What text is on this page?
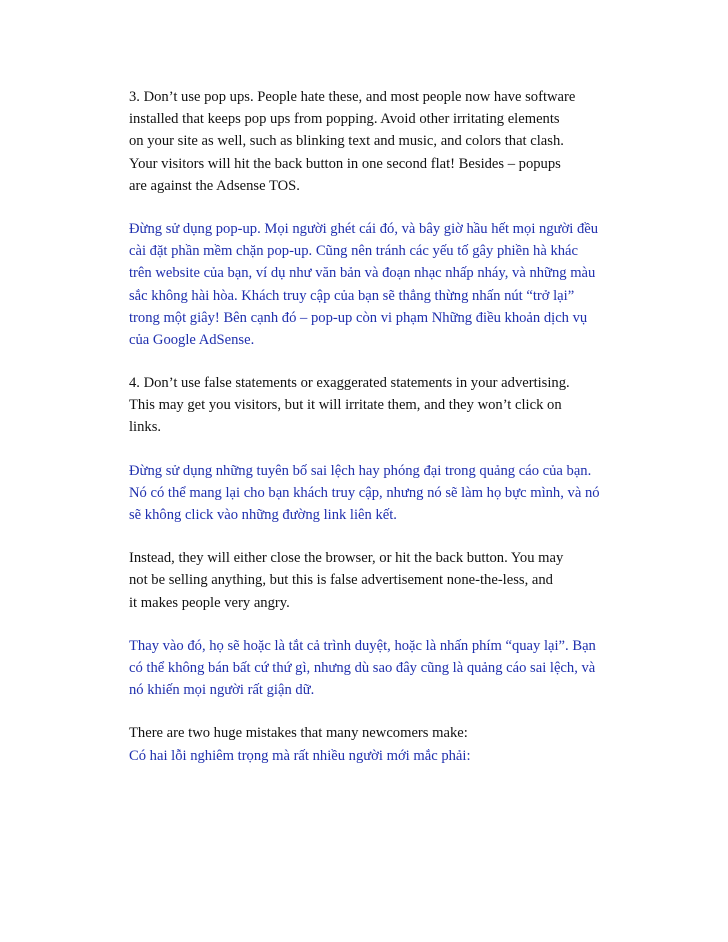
3. Don’t use pop ups. People hate these, and most people now have software
installed that keeps pop ups from popping. Avoid other irritating elements
on your site as well, such as blinking text and music, and colors that clash.
Your visitors will hit the back button in one second flat! Besides – popups
are against the Adsense TOS.
Đừng sử dụng pop-up. Mọi người ghét cái đó, và bây giờ hầu hết mọi người đều
cài đặt phần mềm chặn pop-up. Cũng nên tránh các yếu tố gây phiền hà khác
trên website của bạn, ví dụ như văn bản và đoạn nhạc nhấp nháy, và những màu
sắc không hài hòa. Khách truy cập của bạn sẽ thẳng thừng nhấn nút “trở lại”
trong một giây! Bên cạnh đó – pop-up còn vi phạm Những điều khoản dịch vụ
của Google AdSense.
4. Don’t use false statements or exaggerated statements in your advertising.
This may get you visitors, but it will irritate them, and they won’t click on
links.
Đừng sử dụng những tuyên bố sai lệch hay phóng đại trong quảng cáo của bạn.
Nó có thể mang lại cho bạn khách truy cập, nhưng nó sẽ làm họ bực mình, và nó
sẽ không click vào những đường link liên kết.
Instead, they will either close the browser, or hit the back button. You may
not be selling anything, but this is false advertisement none-the-less, and
it makes people very angry.
Thay vào đó, họ sẽ hoặc là tắt cả trình duyệt, hoặc là nhấn phím “quay lại”. Bạn
có thể không bán bất cứ thứ gì, nhưng dù sao đây cũng là quảng cáo sai lệch, và
nó khiến mọi người rất giận dữ.
There are two huge mistakes that many newcomers make:
Có hai lỗi nghiêm trọng mà rất nhiều người mới mắc phải:
